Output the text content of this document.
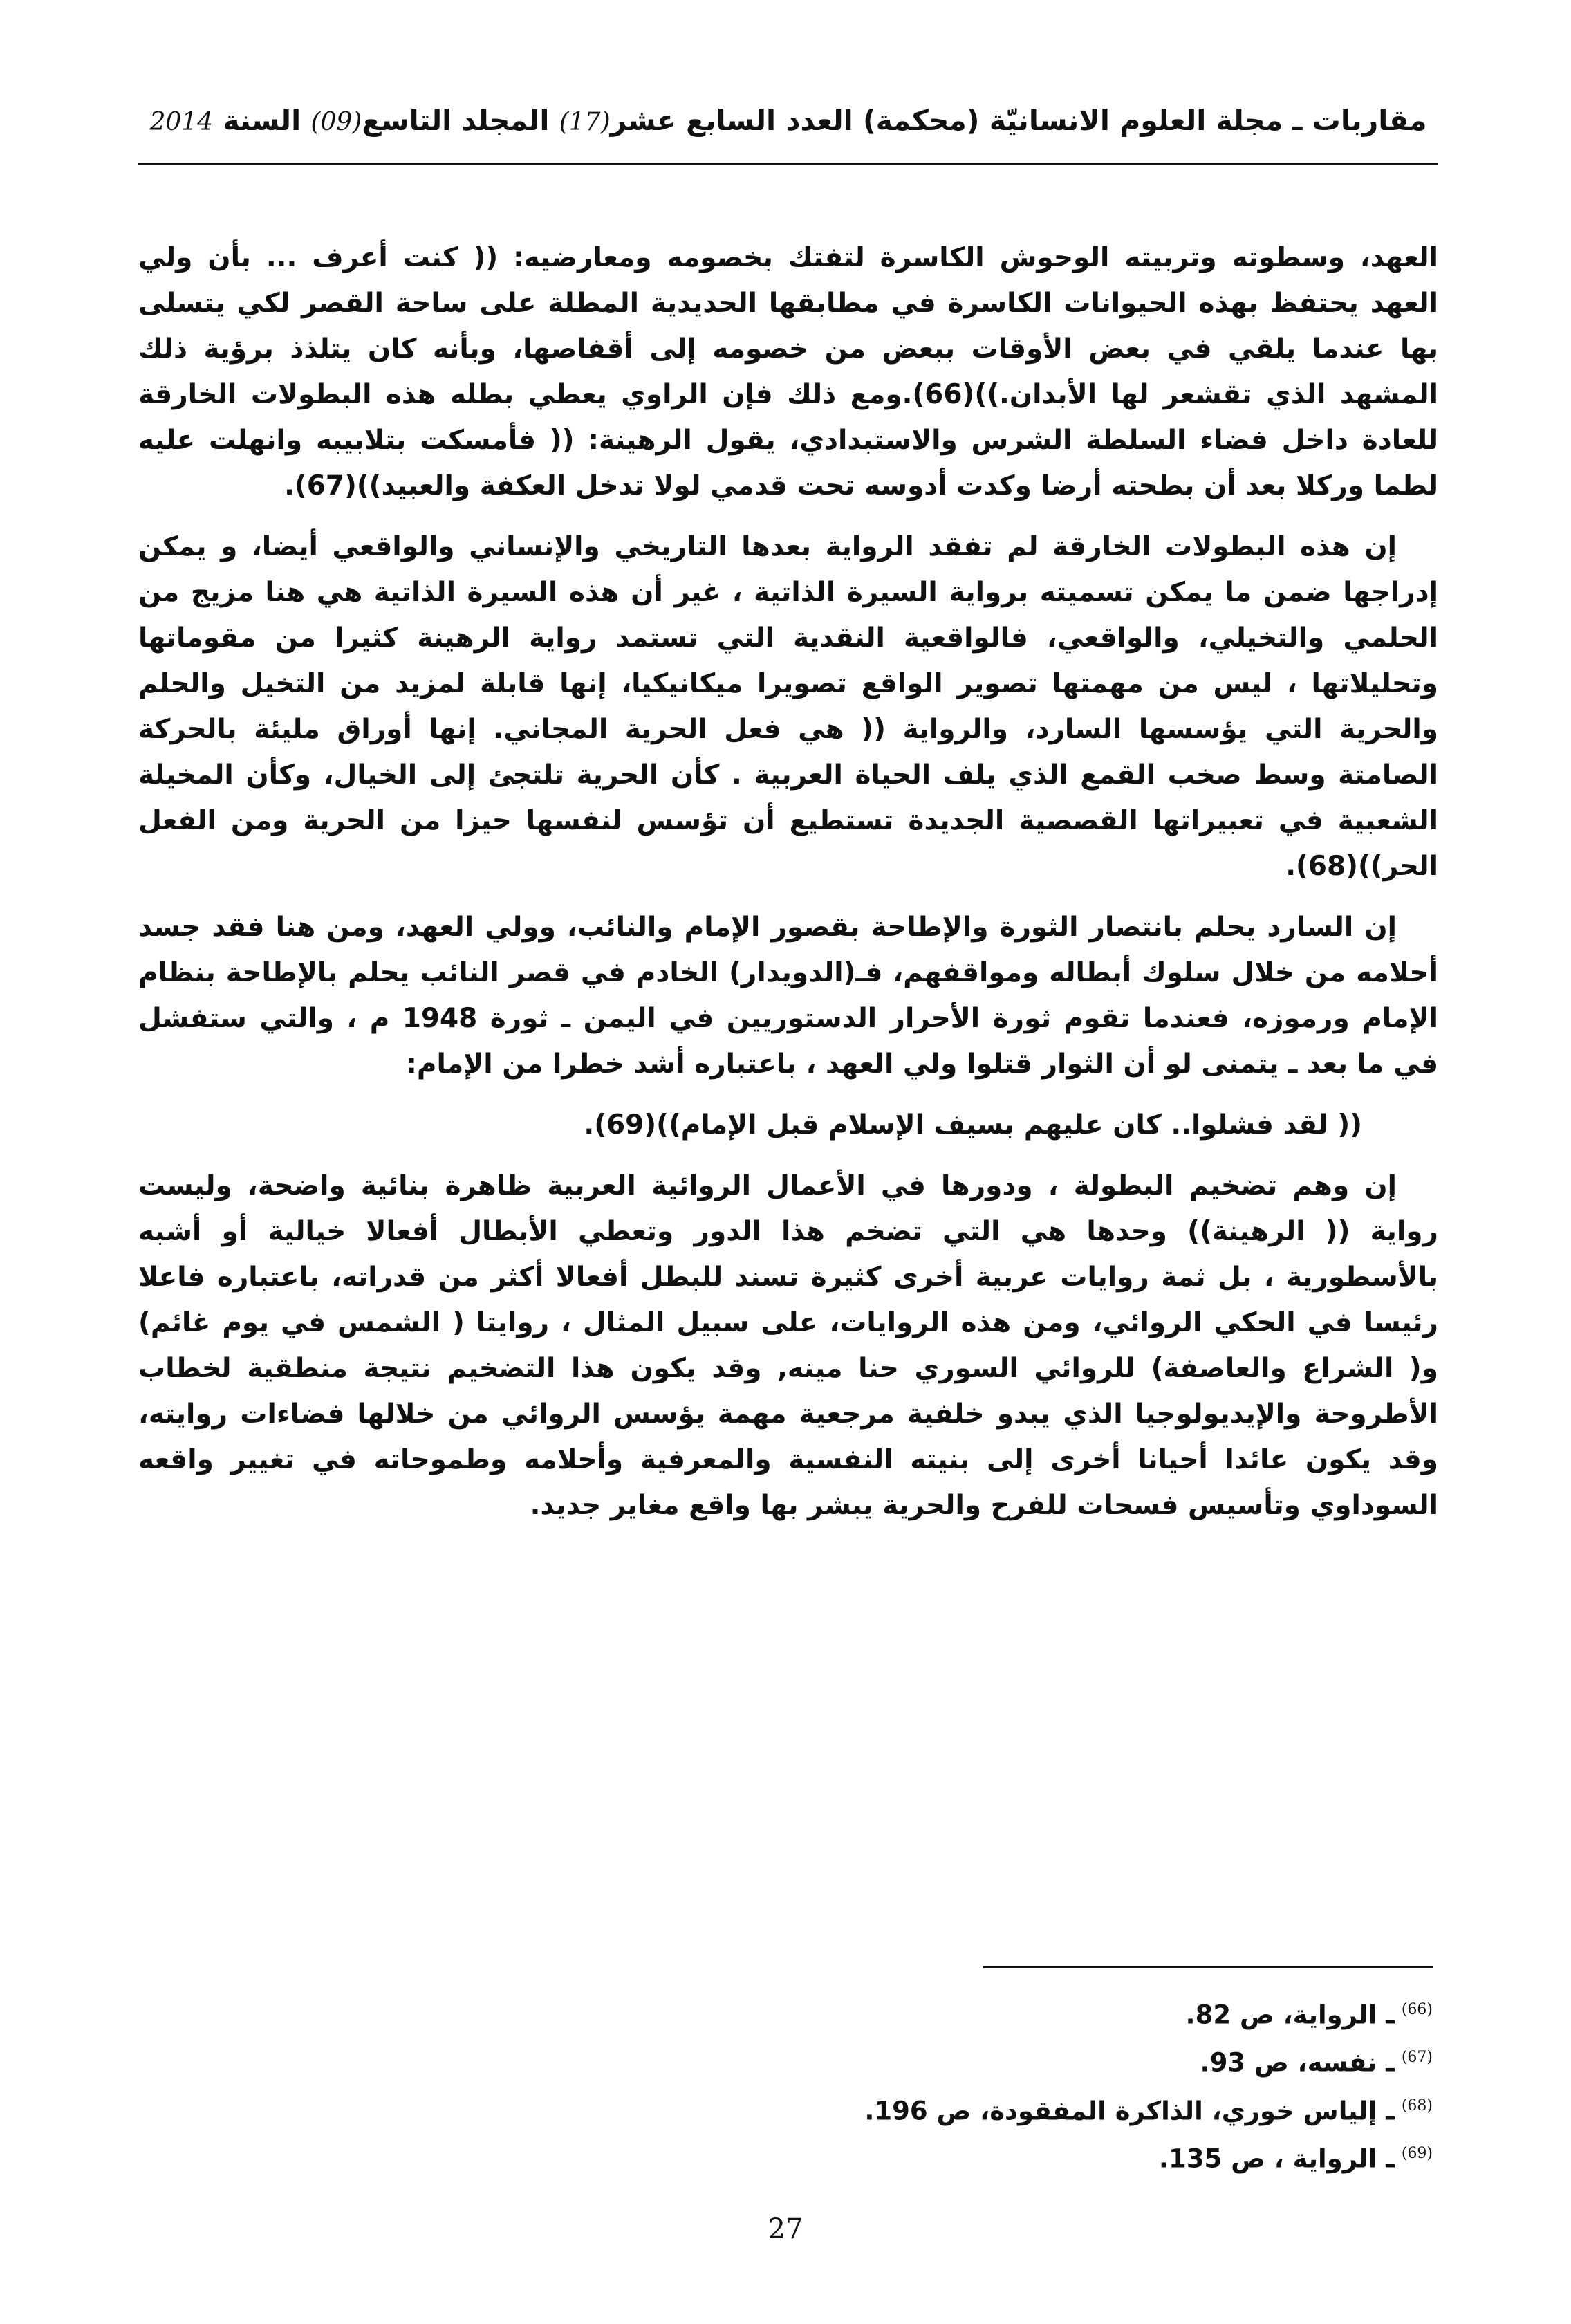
مقاربات ـ مجلة العلوم الانسانيّة (محكمة) العدد السابع عشر(17) المجلد التاسع(09) السنة 2014

العهد، وسطوته وتربيته الوحوش الكاسرة لتفتك بخصومه ومعارضيه: (( كنت أعرف ... بأن ولي العهد يحتفظ بهذه الحيوانات الكاسرة في مطابقها الحديدية المطلة على ساحة القصر لكي يتسلى بها عندما يلقي في بعض الأوقات ببعض من خصومه إلى أقفاصها، وبأنه كان يتلذذ برؤية ذلك المشهد الذي تقشعر لها الأبدان.))(66).ومع ذلك فإن الراوي يعطي بطله هذه البطولات الخارقة للعادة داخل فضاء السلطة الشرس والاستبدادي، يقول الرهينة: (( فأمسكت بتلابيبه وانهلت عليه لطما وركلا بعد أن بطحته أرضا وكدت أدوسه تحت قدمي لولا تدخل العكفة والعبيد))(67).

إن هذه البطولات الخارقة لم تفقد الرواية بعدها التاريخي والإنساني والواقعي أيضا، و يمكن إدراجها ضمن ما يمكن تسميته برواية السيرة الذاتية ، غير أن هذه السيرة الذاتية هي هنا مزيج من الحلمي والتخيلي، والواقعي، فالواقعية النقدية التي تستمد رواية الرهينة كثيرا من مقوماتها وتحليلاتها ، ليس من مهمتها تصوير الواقع تصويرا ميكانيكيا، إنها قابلة لمزيد من التخيل والحلم والحرية التي يؤسسها السارد، والرواية (( هي فعل الحرية المجاني. إنها أوراق مليئة بالحركة الصامتة وسط صخب القمع الذي يلف الحياة العربية . كأن الحرية تلتجئ إلى الخيال، وكأن المخيلة الشعبية في تعبيراتها القصصية الجديدة تستطيع أن تؤسس لنفسها حيزا من الحرية ومن الفعل الحر))(68).

إن السارد يحلم بانتصار الثورة والإطاحة بقصور الإمام والنائب، وولي العهد، ومن هنا فقد جسد أحلامه من خلال سلوك أبطاله ومواقفهم، فـ(الدويدار) الخادم في قصر النائب يحلم بالإطاحة بنظام الإمام ورموزه، فعندما تقوم ثورة الأحرار الدستوريين في اليمن ـ ثورة 1948 م ، والتي ستفشل في ما بعد ـ يتمنى لو أن الثوار قتلوا ولي العهد ، باعتباره أشد خطرا من الإمام:

(( لقد فشلوا.. كان عليهم بسيف الإسلام قبل الإمام))(69).

إن وهم تضخيم البطولة ، ودورها في الأعمال الروائية العربية ظاهرة بنائية واضحة، وليست رواية (( الرهينة)) وحدها هي التي تضخم هذا الدور وتعطي الأبطال أفعالا خيالية أو أشبه بالأسطورية ، بل ثمة روايات عربية أخرى كثيرة تسند للبطل أفعالا أكثر من قدراته، باعتباره فاعلا رئيسا في الحكي الروائي، ومن هذه الروايات، على سبيل المثال ، روايتا ( الشمس في يوم غائم) و( الشراع والعاصفة) للروائي السوري حنا مينه, وقد يكون هذا التضخيم نتيجة منطقية لخطاب الأطروحة والإيديولوجيا الذي يبدو خلفية مرجعية مهمة يؤسس الروائي من خلالها فضاءات روايته، وقد يكون عائدا أحيانا أخرى إلى بنيته النفسية والمعرفية وأحلامه وطموحاته في تغيير واقعه السوداوي وتأسيس فسحات للفرح والحرية يبشر بها واقع مغاير جديد.

$^{(66)}$ـ الرواية، ص 82.
$^{(67)}$ـ نفسه، ص 93.
$^{(68)}$ـ إلياس خوري، الذاكرة المفقودة، ص 196.
$^{(69)}$ـ الرواية ، ص 135.
27
